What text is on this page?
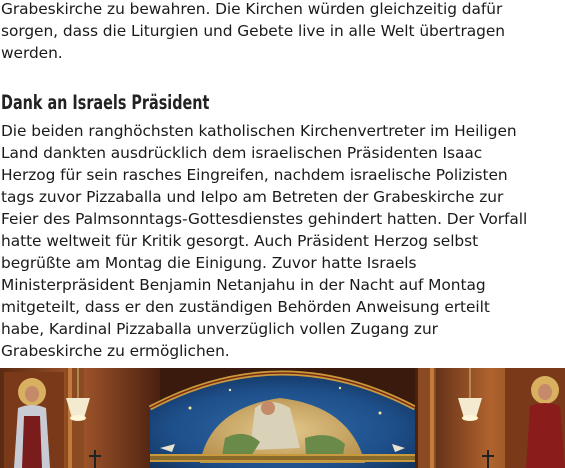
Grabeskirche zu bewahren. Die Kirchen würden gleichzeitig dafür sorgen, dass die Liturgien und Gebete live in alle Welt übertragen werden.

Dank an Israels Präsident

Die beiden ranghöchsten katholischen Kirchenvertreter im Heiligen Land dankten ausdrücklich dem israelischen Präsidenten Isaac Herzog für sein rasches Eingreifen, nachdem israelische Polizisten tags zuvor Pizzaballa und Ielpo am Betreten der Grabeskirche zur Feier des Palmsonntags-Gottesdienstes gehindert hatten. Der Vorfall hatte weltweit für Kritik gesorgt. Auch Präsident Herzog selbst begrüßte am Montag die Einigung. Zuvor hatte Israels Ministerpräsident Benjamin Netanjahu in der Nacht auf Montag mitgeteilt, dass er den zuständigen Behörden Anweisung erteilt habe, Kardinal Pizzaballa unverzüglich vollen Zugang zur Grabeskirche zu ermöglichen.
